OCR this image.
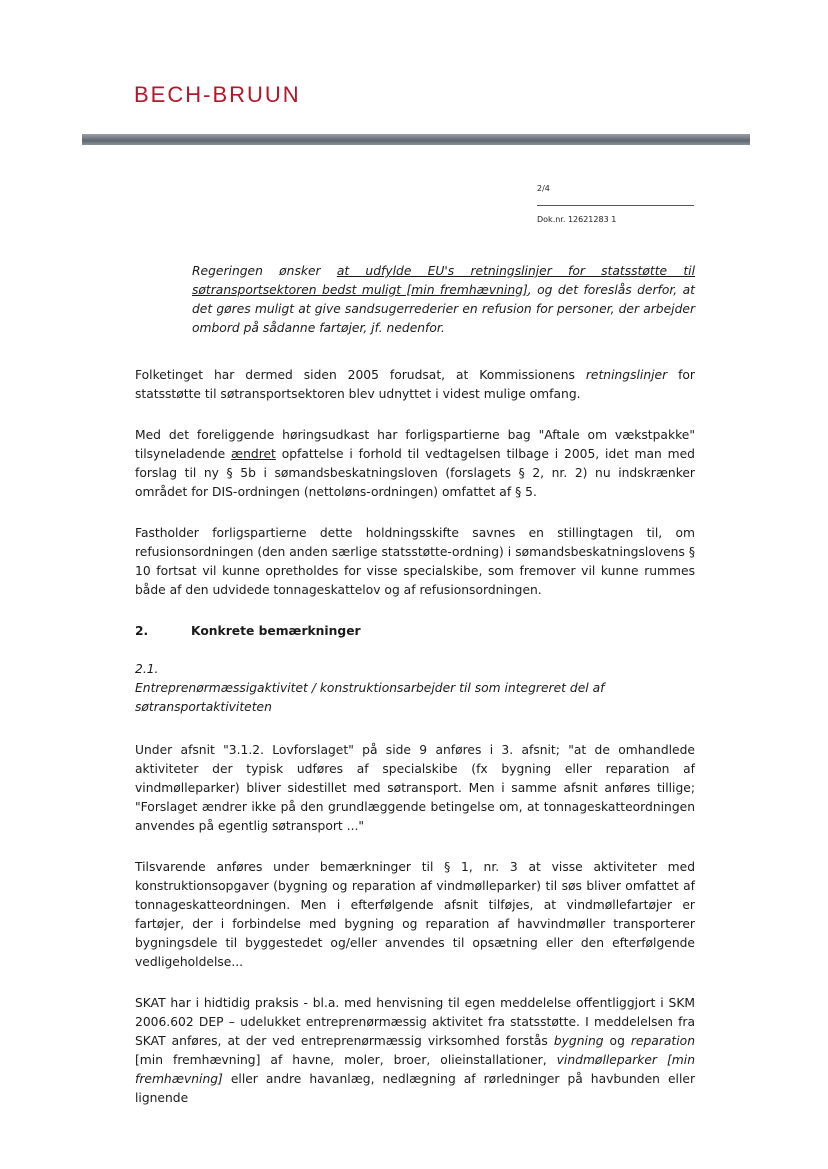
BECH-BRUUN
2/4
Dok.nr. 12621283 1
Regeringen ønsker at udfylde EU's retningslinjer for statsstøtte til søtransportsektoren bedst muligt [min fremhævning], og det foreslås derfor, at det gøres muligt at give sandsugerrederier en refusion for personer, der arbejder ombord på sådanne fartøjer, jf. nedenfor.
Folketinget har dermed siden 2005 forudsat, at Kommissionens retningslinjer for statsstøtte til søtransportsektoren blev udnyttet i videst mulige omfang.
Med det foreliggende høringsudkast har forligspartierne bag "Aftale om vækstpakke" tilsyneladende ændret opfattelse i forhold til vedtagelsen tilbage i 2005, idet man med forslag til ny § 5b i sømandsbeskatningsloven (forslagets § 2, nr. 2) nu indskrænker området for DIS-ordningen (nettoløns-ordningen) omfattet af § 5.
Fastholder forligspartierne dette holdningsskifte savnes en stillingtagen til, om refusionsordningen (den anden særlige statsstøtte-ordning) i sømandsbeskatningslovens § 10 fortsat vil kunne opretholdes for visse specialskibe, som fremover vil kunne rummes både af den udvidede tonnageskattelov og af refusionsordningen.
2.	Konkrete bemærkninger
2.1.
Entreprenørmæssigaktivitet / konstruktionsarbejder til som integreret del af søtransportaktiviteten
Under afsnit "3.1.2. Lovforslaget" på side 9 anføres i 3. afsnit; "at de omhandlede aktiviteter der typisk udføres af specialskibe (fx bygning eller reparation af vindmølleparker) bliver sidestillet med søtransport. Men i samme afsnit anføres tillige; "Forslaget ændrer ikke på den grundlæggende betingelse om, at tonnageskatteordningen anvendes på egentlig søtransport ..."
Tilsvarende anføres under bemærkninger til § 1, nr. 3 at visse aktiviteter med konstruktionsopgaver (bygning og reparation af vindmølleparker) til søs bliver omfattet af tonnageskatteordningen. Men i efterfølgende afsnit tilføjes, at vindmøllefartøjer er fartøjer, der i forbindelse med bygning og reparation af havvindmøller transporterer bygningsdele til byggestedet og/eller anvendes til opsætning eller den efterfølgende vedligeholdelse...
SKAT har i hidtidig praksis - bl.a. med henvisning til egen meddelelse offentliggjort i SKM 2006.602 DEP – udelukket entreprenørmæssig aktivitet fra statsstøtte. I meddelelsen fra SKAT anføres, at der ved entreprenørmæssig virksomhed forstås bygning og reparation [min fremhævning] af havne, moler, broer, olieinstallationer, vindmølleparker [min fremhævning] eller andre havanlæg, nedlægning af rørledninger på havbunden eller lignende
